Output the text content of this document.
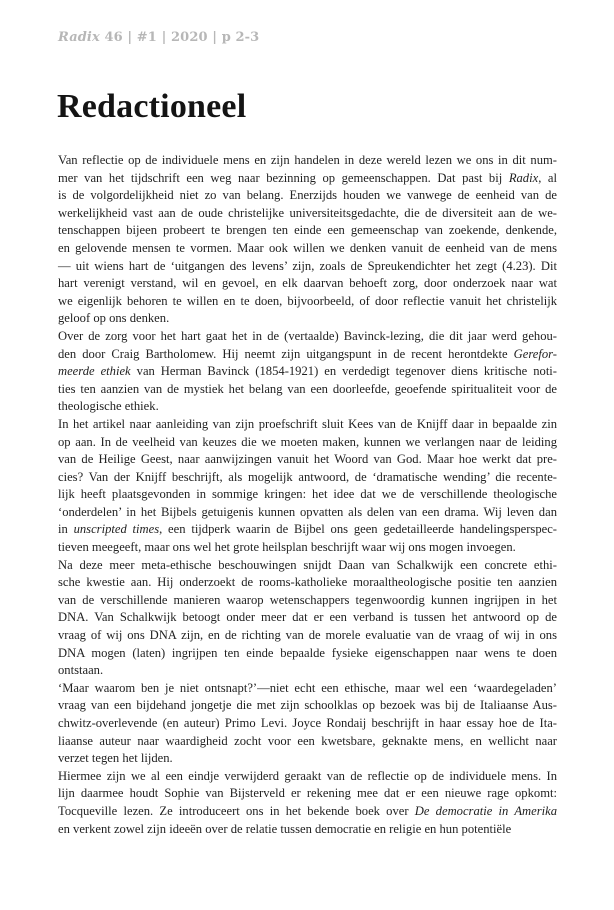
Radix 46 | #1 | 2020 | p 2-3
Redactioneel

Van reflectie op de individuele mens en zijn handelen in deze wereld lezen we ons in dit num-
mer van het tijdschrift een weg naar bezinning op gemeenschappen. Dat past bij Radix, al
is de volgordelijkheid niet zo van belang. Enerzijds houden we vanwege de eenheid van de
werkelijkheid vast aan de oude christelijke universiteitsgedachte, die de diversiteit aan de we-
tenschappen bijeen probeert te brengen ten einde een gemeenschap van zoekende, denkende,
en gelovende mensen te vormen. Maar ook willen we denken vanuit de eenheid van de mens
— uit wiens hart de ‘uitgangen des levens’ zijn, zoals de Spreukendichter het zegt (4.23). Dit
hart verenigt verstand, wil en gevoel, en elk daarvan behoeft zorg, door onderzoek naar wat
we eigenlijk behoren te willen en te doen, bijvoorbeeld, of door reflectie vanuit het christelijk
geloof op ons denken.

Over de zorg voor het hart gaat het in de (vertaalde) Bavinck-lezing, die dit jaar werd gehou-
den door Craig Bartholomew. Hij neemt zijn uitgangspunt in de recent herontdekte Gerefor-
meerde ethiek van Herman Bavinck (1854-1921) en verdedigt tegenover diens kritische noti-
ties ten aanzien van de mystiek het belang van een doorleefde, geoefende spiritualiteit voor de
theologische ethiek.

In het artikel naar aanleiding van zijn proefschrift sluit Kees van de Knijff daar in bepaalde zin
op aan. In de veelheid van keuzes die we moeten maken, kunnen we verlangen naar de leiding
van de Heilige Geest, naar aanwijzingen vanuit het Woord van God. Maar hoe werkt dat pre-
cies? Van der Knijff beschrijft, als mogelijk antwoord, de ‘dramatische wending’ die recente-
lijk heeft plaatsgevonden in sommige kringen: het idee dat we de verschillende theologische
‘onderdelen’ in het Bijbels getuigenis kunnen opvatten als delen van een drama. Wij leven dan
in unscripted times, een tijdperk waarin de Bijbel ons geen gedetailleerde handelingsperspec-
tieven meegeeft, maar ons wel het grote heilsplan beschrijft waar wij ons mogen invoegen.

Na deze meer meta-ethische beschouwingen snijdt Daan van Schalkwijk een concrete ethi-
sche kwestie aan. Hij onderzoekt de rooms-katholieke moraaltheologische positie ten aanzien
van de verschillende manieren waarop wetenschappers tegenwoordig kunnen ingrijpen in het
DNA. Van Schalkwijk betoogt onder meer dat er een verband is tussen het antwoord op de
vraag of wij ons DNA zijn, en de richting van de morele evaluatie van de vraag of wij in ons
DNA mogen (laten) ingrijpen ten einde bepaalde fysieke eigenschappen naar wens te doen
ontstaan.

‘Maar waarom ben je niet ontsnapt?’—niet echt een ethische, maar wel een ‘waardegeladen’
vraag van een bijdehand jongetje die met zijn schoolklas op bezoek was bij de Italiaanse Aus-
chwitz-overlevende (en auteur) Primo Levi. Joyce Rondaij beschrijft in haar essay hoe de Ita-
liaanse auteur naar waardigheid zocht voor een kwetsbare, geknakte mens, en wellicht naar
verzet tegen het lijden.

Hiermee zijn we al een eindje verwijderd geraakt van de reflectie op de individuele mens. In
lijn daarmee houdt Sophie van Bijsterveld er rekening mee dat er een nieuwe rage opkomt:
Tocqueville lezen. Ze introduceert ons in het bekende boek over De democratie in Amerika
en verkent zowel zijn ideeën over de relatie tussen democratie en religie en hun potentiële
